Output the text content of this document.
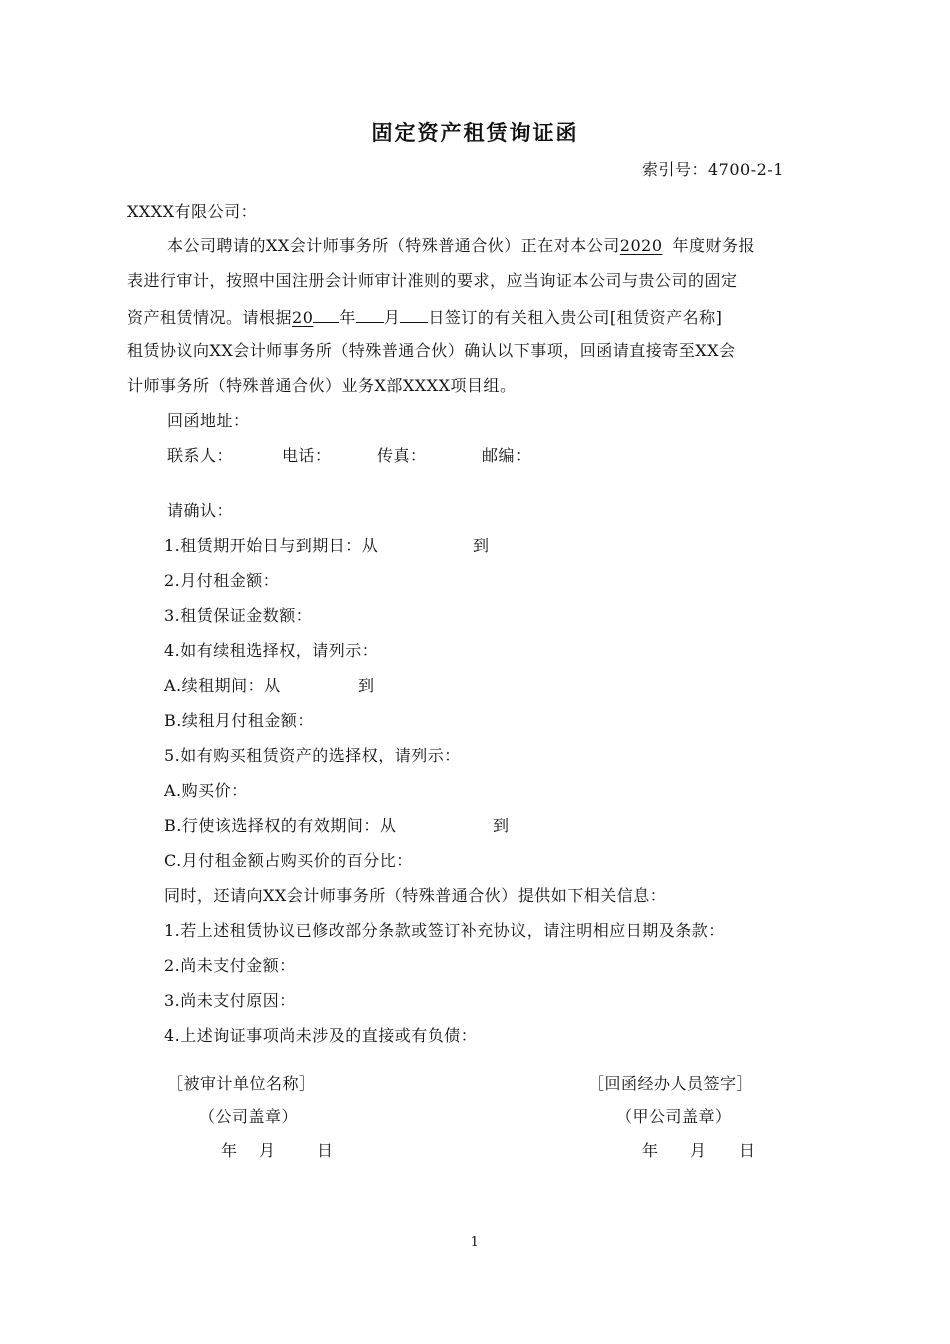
固定资产租赁询证函
索引号：4700-2-1
XXXX有限公司：
本公司聘请的XX会计师事务所（特殊普通合伙）正在对本公司2020 年度财务报
表进行审计，按照中国注册会计师审计准则的要求，应当询证本公司与贵公司的固定
资产租赁情况。请根据20 年 月 日签订的有关租入贵公司[租赁资产名称]
租赁协议向XX会计师事务所（特殊普通合伙）确认以下事项，回函请直接寄至XX会
计师事务所（特殊普通合伙）业务X部XXXX项目组。
回函地址：
联系人：	电话：	传真：	邮编：
请确认：
1.租赁期开始日与到期日：从	到
2.月付租金额：
3.租赁保证金数额：
4.如有续租选择权，请列示：
A.续租期间：从	到
B.续租月付租金额：
5.如有购买租赁资产的选择权，请列示：
A.购买价：
B.行使该选择权的有效期间：从	到
C.月付租金额占购买价的百分比：
同时，还请向XX会计师事务所（特殊普通合伙）提供如下相关信息：
1.若上述租赁协议已修改部分条款或签订补充协议，请注明相应日期及条款：
2.尚未支付金额：
3.尚未支付原因：
4.上述询证事项尚未涉及的直接或有负债：
［被审计单位名称］
（公司盖章）
年 月	日
［回函经办人员签字］
（甲公司盖章）
年 月 日
1
